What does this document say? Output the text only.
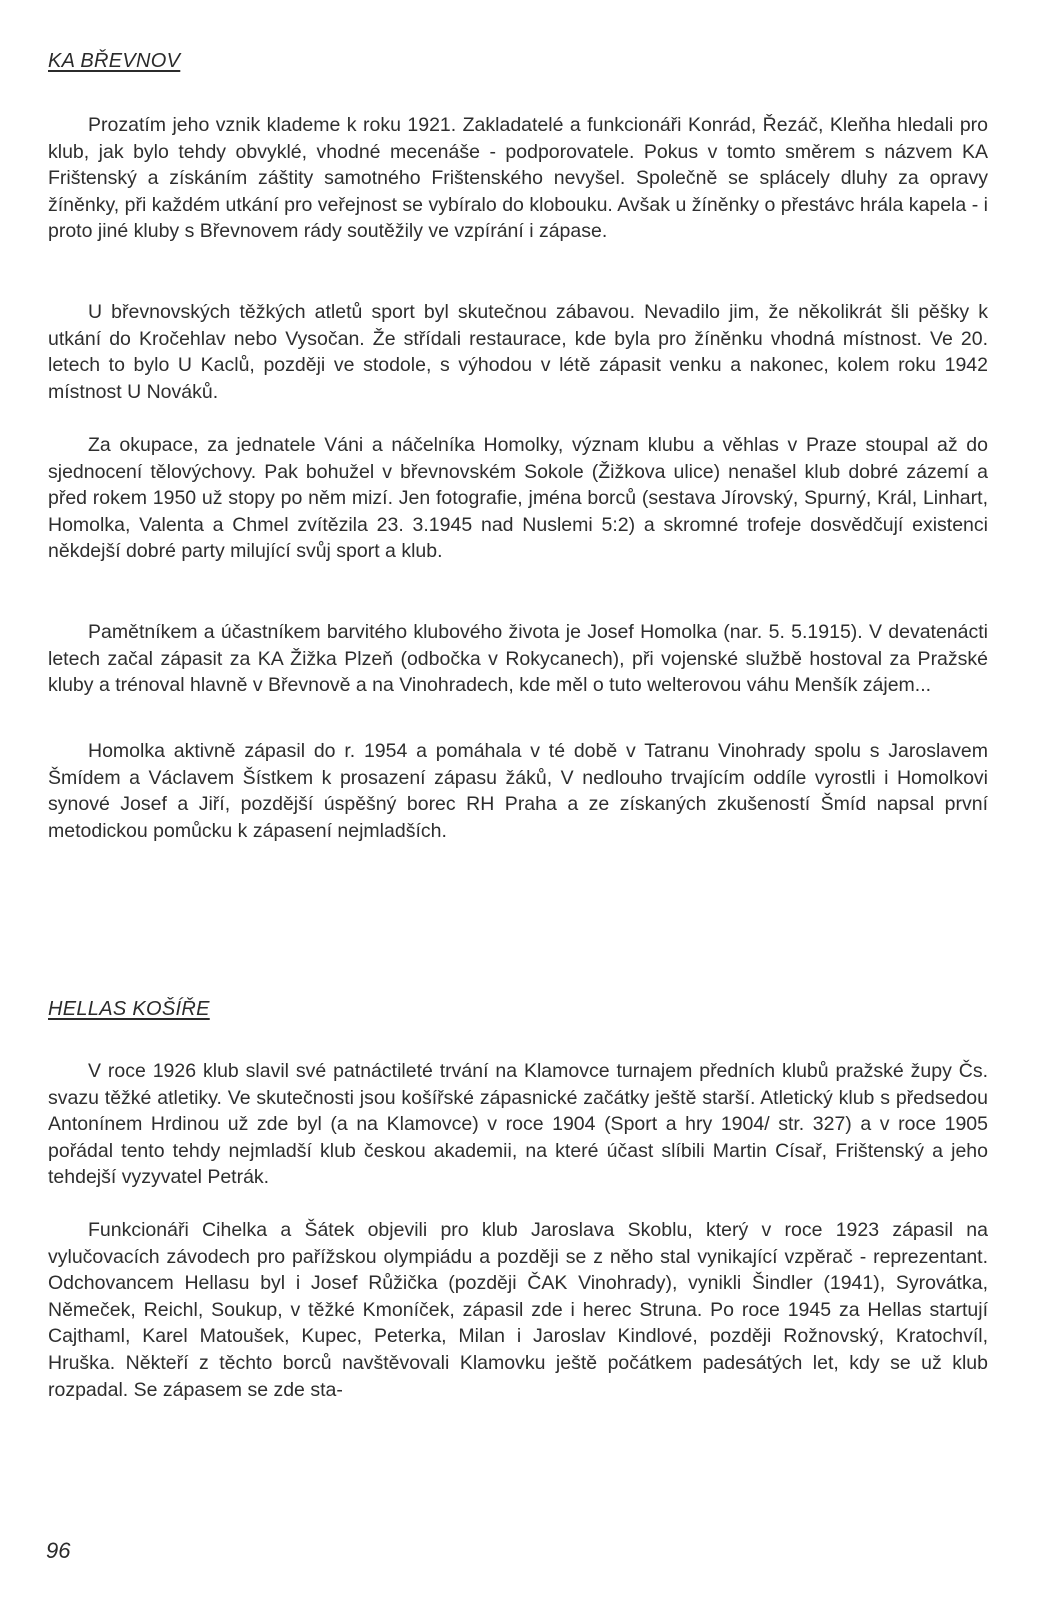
KA BŘEVNOV

Prozatím jeho vznik klademe k roku 1921. Zakladatelé a funkcionáři Konrád, Řezáč, Kleňha hledali pro klub, jak bylo tehdy obvyklé, vhodné mecenáše - podporovatele. Pokus v tomto směrem s názvem KA Frištenský a získáním záštity samotného Frištenského nevyšel. Společně se splácely dluhy za opravy žíněnky, při každém utkání pro veřejnost se vybíralo do klobouku. Avšak u žíněnky o přestávc hrála kapela - i proto jiné kluby s Břevnovem rády soutěžily ve vzpírání i zápase.

U břevnovských těžkých atletů sport byl skutečnou zábavou. Nevadilo jim, že několikrát šli pěšky k utkání do Kročehlav nebo Vysočan. Že střídali restaurace, kde byla pro žíněnku vhodná místnost. Ve 20. letech to bylo U Kaclů, později ve stodole, s výhodou v létě zápasit venku a nakonec, kolem roku 1942 místnost U Nováků.

Za okupace, za jednatele Váni a náčelníka Homolky, význam klubu a věhlas v Praze stoupal až do sjednocení tělovýchovy. Pak bohužel v břevnovském Sokole (Žižkova ulice) nenašel klub dobré zázemí a před rokem 1950 už stopy po něm mizí. Jen fotografie, jména borců (sestava Jírovský, Spurný, Král, Linhart, Homolka, Valenta a Chmel zvítězila 23. 3.1945 nad Nuslemi 5:2) a skromné trofeje dosvědčují existenci někdejší dobré party milující svůj sport a klub.

Pamětníkem a účastníkem barvitého klubového života je Josef Homolka (nar. 5. 5.1915). V devatenácti letech začal zápasit za KA Žižka Plzeň (odbočka v Rokycanech), při vojenské službě hostoval za Pražské kluby a trénoval hlavně v Břevnově a na Vinohradech, kde měl o tuto welterovou váhu Menšík zájem...

Homolka aktivně zápasil do r. 1954 a pomáhala v té době v Tatranu Vinohrady spolu s Jaroslavem Šmídem a Václavem Šístkem k prosazení zápasu žáků, V nedlouho trvajícím oddíle vyrostli i Homolkovi synové Josef a Jiří, pozdější úspěšný borec RH Praha a ze získaných zkušeností Šmíd napsal první metodickou pomůcku k zápasení nejmladších.

HELLAS KOŠÍŘE

V roce 1926 klub slavil své patnáctileté trvání na Klamovce turnajem předních klubů pražské župy Čs. svazu těžké atletiky. Ve skutečnosti jsou košířské zápasnické začátky ještě starší. Atletický klub s předsedou Antonínem Hrdinou už zde byl (a na Klamovce) v roce 1904 (Sport a hry 1904/ str. 327) a v roce 1905 pořádal tento tehdy nejmladší klub českou akademii, na které účast slíbili Martin Císař, Frištenský a jeho tehdejší vyzyvatel Petrák.

Funkcionáři Cihelka a Šátek objevili pro klub Jaroslava Skoblu, který v roce 1923 zápasil na vylučovacích závodech pro pařížskou olympiádu a později se z něho stal vynikající vzpěrač - reprezentant. Odchovancem Hellasu byl i Josef Růžička (později ČAK Vinohrady), vynikli Šindler (1941), Syrovátka, Němeček, Reichl, Soukup, v těžké Kmoníček, zápasil zde i herec Struna. Po roce 1945 za Hellas startují Cajthaml, Karel Matoušek, Kupec, Peterka, Milan i Jaroslav Kindlové, později Rožnovský, Kratochvíl, Hruška. Někteří z těchto borců navštěvovali Klamovku ještě počátkem padesátých let, kdy se už klub rozpadal. Se zápasem se zde sta-

96
